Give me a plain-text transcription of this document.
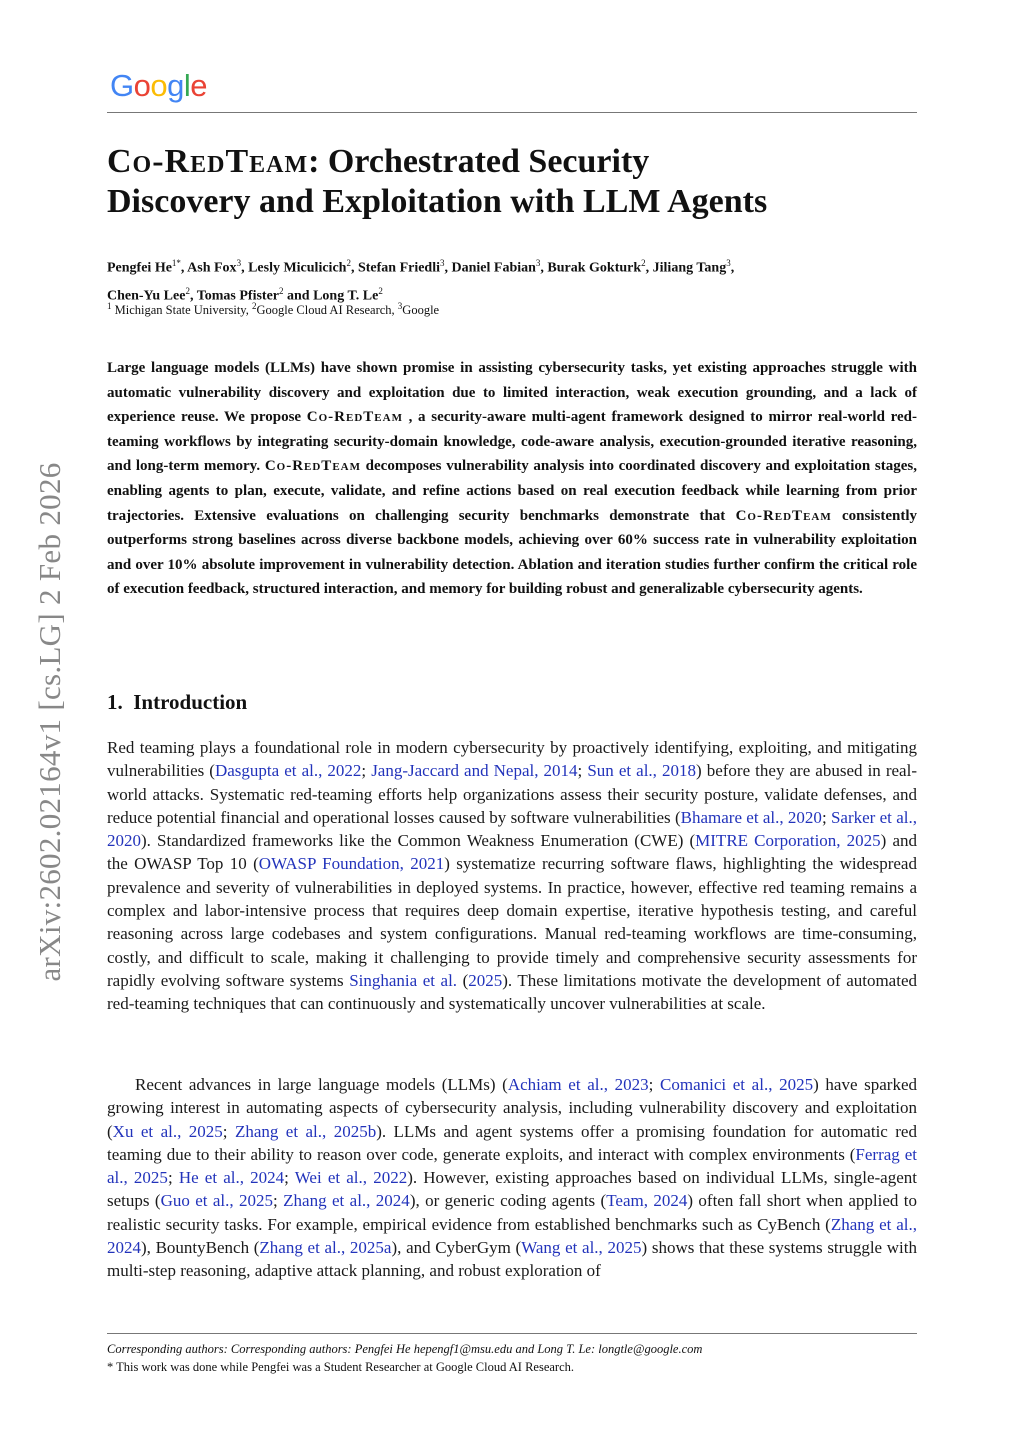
Google
arXiv:2602.02164v1 [cs.LG] 2 Feb 2026
Co-RedTeam: Orchestrated Security
Discovery and Exploitation with LLM Agents
Pengfei $He^{1*}$, Ash Fox$^3$, Lesly Miculicich$^2$, Stefan Friedli$^3$, Daniel Fabian$^3$, Burak Gokturk$^2$, Jiliang Tang$^3$,
Chen-Yu Lee$^2$, Tomas Pfister$^2$ and Long T. Le$^2$
$^1$ Michigan State University, $^2$Google Cloud AI Research, $^3$Google

Large language models (LLMs) have shown promise in assisting cybersecurity tasks, yet existing approaches struggle with automatic vulnerability discovery and exploitation due to limited interaction, weak execution grounding, and a lack of experience reuse. We propose Co-RedTeam , a security-aware multi-agent framework designed to mirror real-world red-teaming workflows by integrating security-domain knowledge, code-aware analysis, execution-grounded iterative reasoning, and long-term memory. Co-RedTeam decomposes vulnerability analysis into coordinated discovery and exploitation stages, enabling agents to plan, execute, validate, and refine actions based on real execution feedback while learning from prior trajectories. Extensive evaluations on challenging security benchmarks demonstrate that Co-RedTeam consistently outperforms strong baselines across diverse backbone models, achieving over 60% success rate in vulnerability exploitation and over 10% absolute improvement in vulnerability detection. Ablation and iteration studies further confirm the critical role of execution feedback, structured interaction, and memory for building robust and generalizable cybersecurity agents.

1. Introduction

Red teaming plays a foundational role in modern cybersecurity by proactively identifying, exploiting, and mitigating vulnerabilities (Dasgupta et al., 2022; Jang-Jaccard and Nepal, 2014; Sun et al., 2018) before they are abused in real-world attacks. Systematic red-teaming efforts help organizations assess their security posture, validate defenses, and reduce potential financial and operational losses caused by software vulnerabilities (Bhamare et al., 2020; Sarker et al., 2020). Standardized frameworks like the Common Weakness Enumeration (CWE) (MITRE Corporation, 2025) and the OWASP Top 10 (OWASP Foundation, 2021) systematize recurring software flaws, highlighting the widespread prevalence and severity of vulnerabilities in deployed systems. In practice, however, effective red teaming remains a complex and labor-intensive process that requires deep domain expertise, iterative hypothesis testing, and careful reasoning across large codebases and system configurations. Manual red-teaming workflows are time-consuming, costly, and difficult to scale, making it challenging to provide timely and comprehensive security assessments for rapidly evolving software systems Singhania et al. (2025). These limitations motivate the development of automated red-teaming techniques that can continuously and systematically uncover vulnerabilities at scale.

Recent advances in large language models (LLMs) (Achiam et al., 2023; Comanici et al., 2025) have sparked growing interest in automating aspects of cybersecurity analysis, including vulnerability discovery and exploitation (Xu et al., 2025; Zhang et al., 2025b). LLMs and agent systems offer a promising foundation for automatic red teaming due to their ability to reason over code, generate exploits, and interact with complex environments (Ferrag et al., 2025; He et al., 2024; Wei et al., 2022). However, existing approaches based on individual LLMs, single-agent setups (Guo et al., 2025; Zhang et al., 2024), or generic coding agents (Team, 2024) often fall short when applied to realistic security tasks. For example, empirical evidence from established benchmarks such as CyBench (Zhang et al., 2024), BountyBench (Zhang et al., 2025a), and CyberGym (Wang et al., 2025) shows that these systems struggle with multi-step reasoning, adaptive attack planning, and robust exploration of

Corresponding authors: Corresponding authors: Pengfei He hepengf1@msu.edu and Long T. Le: longtle@google.com
* This work was done while Pengfei was a Student Researcher at Google Cloud AI Research.
